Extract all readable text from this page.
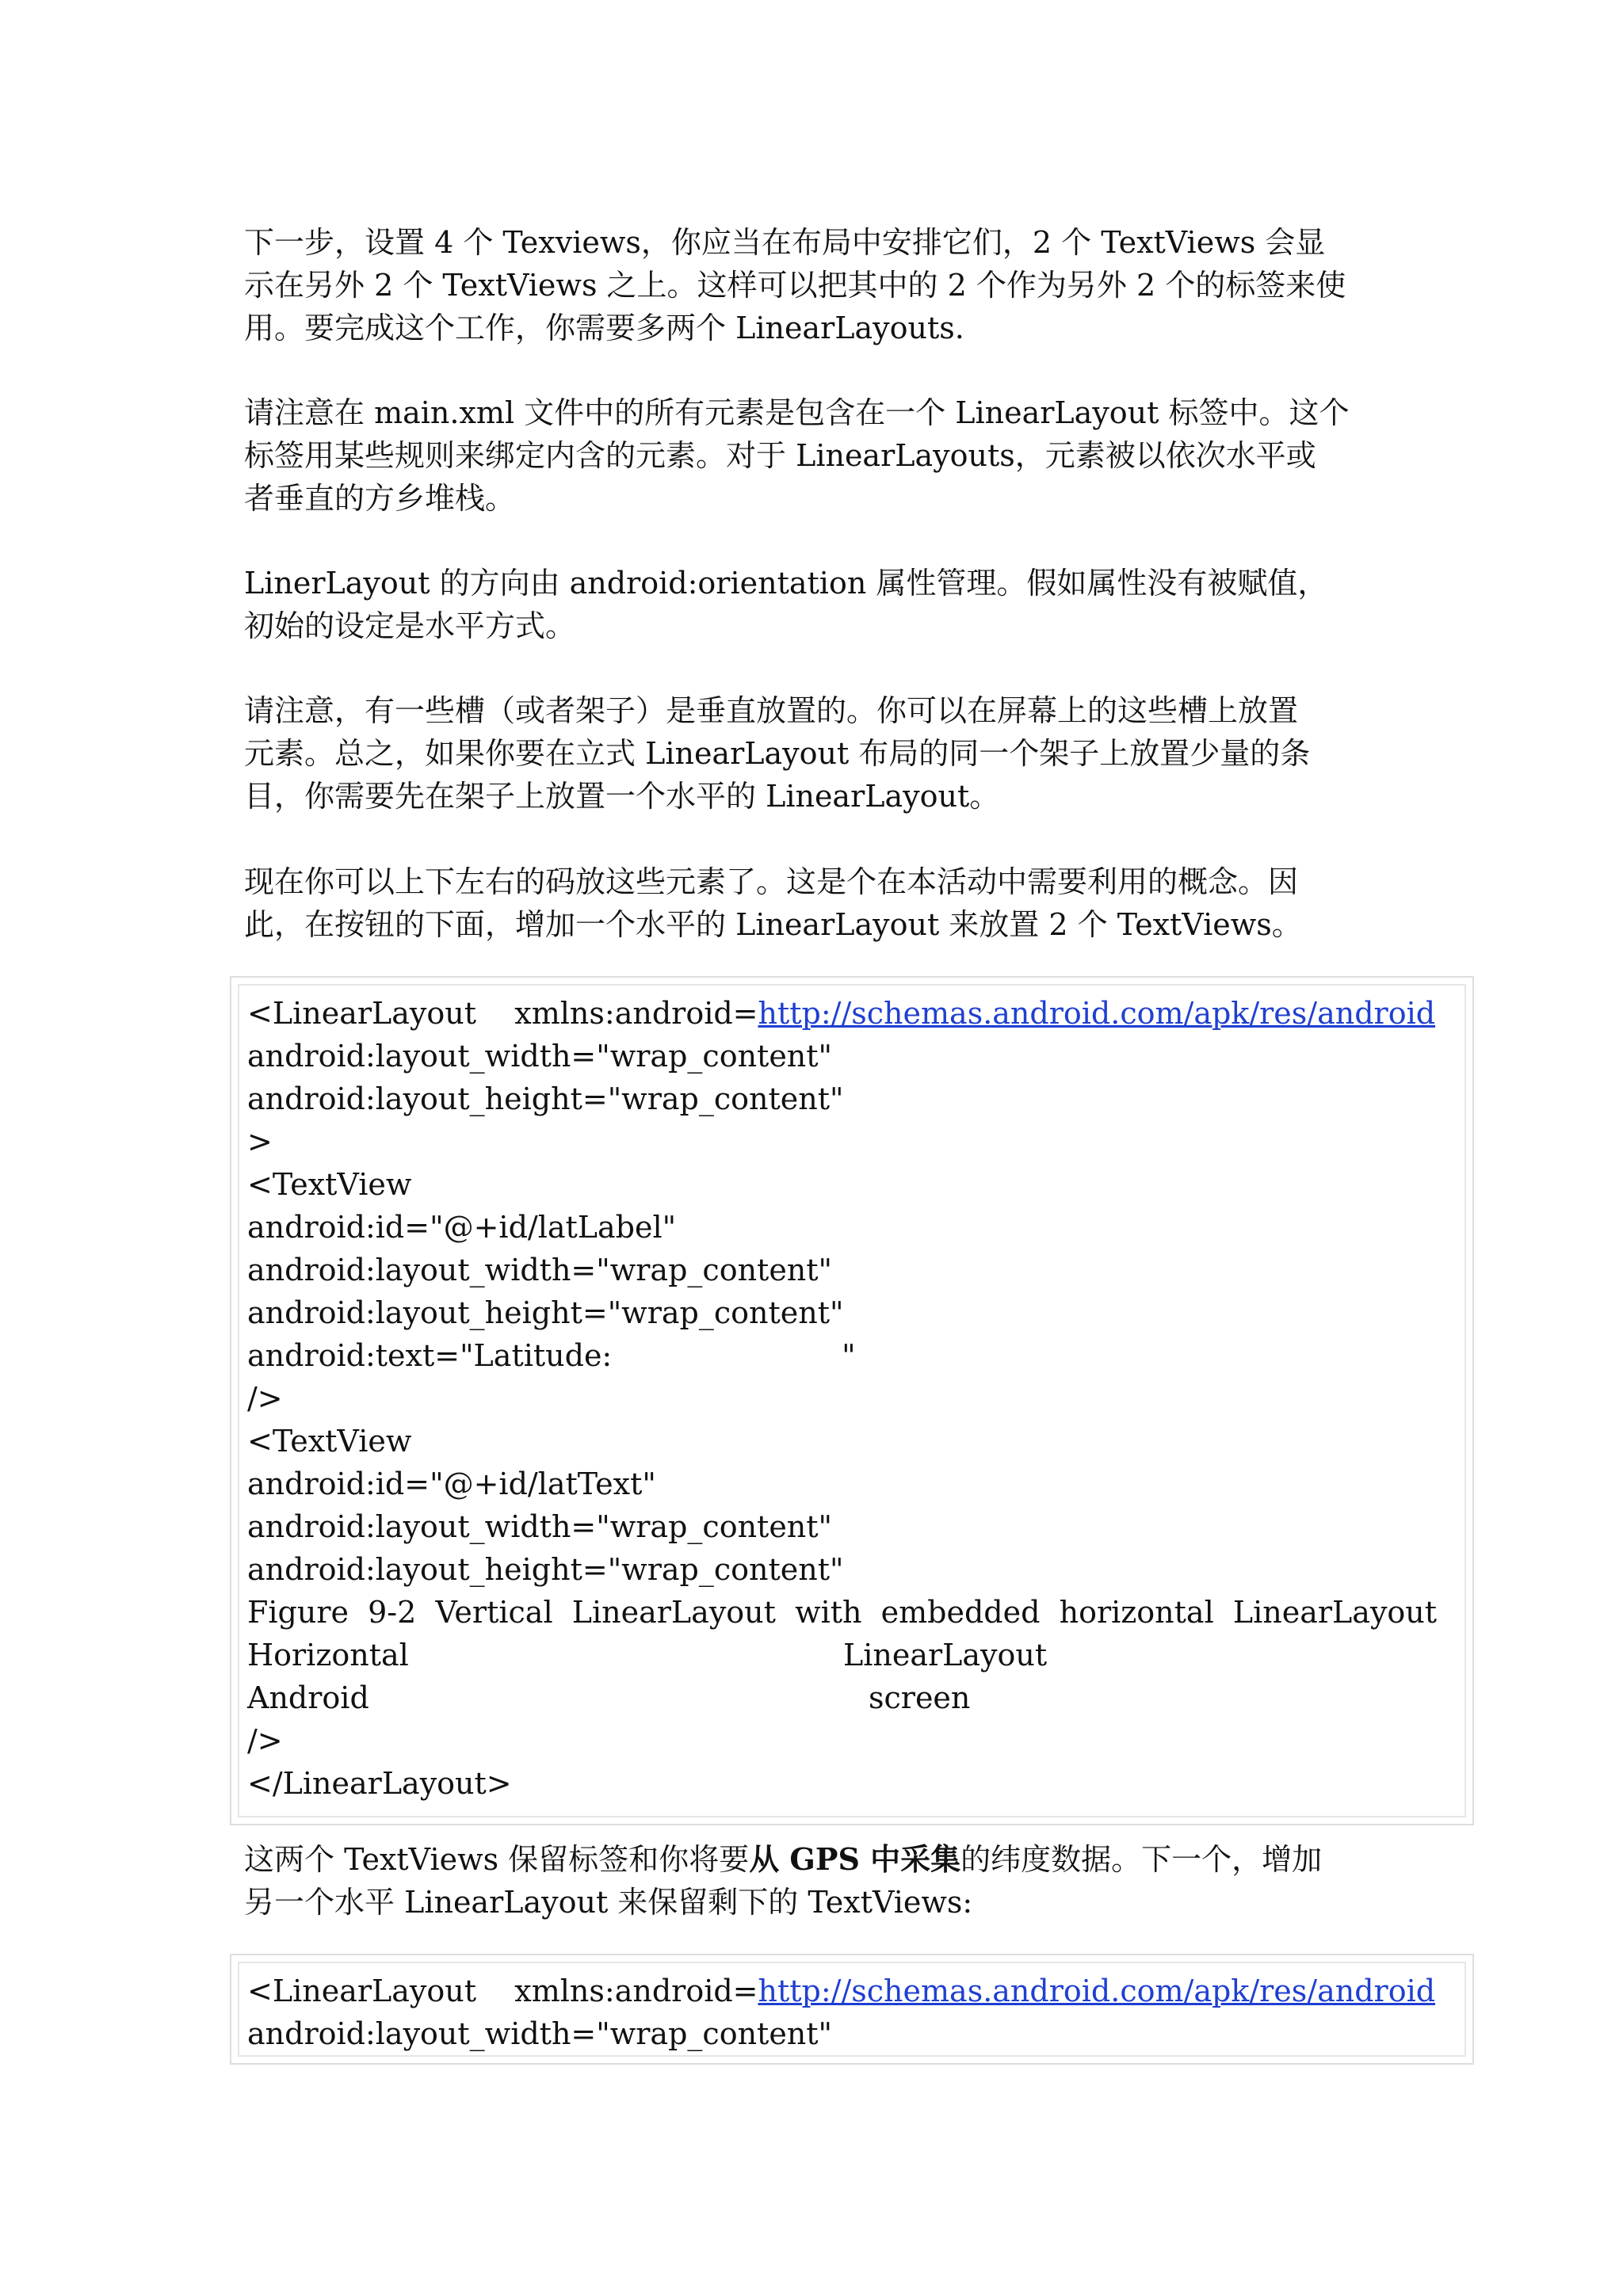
下一步，设置 4 个 Texviews，你应当在布局中安排它们，2 个 TextViews 会显
示在另外 2 个 TextViews 之上。这样可以把其中的 2 个作为另外 2 个的标签来使
用。要完成这个工作，你需要多两个 LinearLayouts.

请注意在 main.xml 文件中的所有元素是包含在一个 LinearLayout 标签中。这个
标签用某些规则来绑定内含的元素。对于 LinearLayouts，元素被以依次水平或
者垂直的方乡堆栈。

LinerLayout 的方向由 android:orientation 属性管理。假如属性没有被赋值，
初始的设定是水平方式。

请注意，有一些槽（或者架子）是垂直放置的。你可以在屏幕上的这些槽上放置
元素。总之，如果你要在立式 LinearLayout 布局的同一个架子上放置少量的条
目，你需要先在架子上放置一个水平的 LinearLayout。

现在你可以上下左右的码放这些元素了。这是个在本活动中需要利用的概念。因
此，在按钮的下面，增加一个水平的 LinearLayout 来放置 2 个 TextViews。

<LinearLayout    xmlns:android=http://schemas.android.com/apk/res/android
android:layout_width="wrap_content"
android:layout_height="wrap_content"
>
<TextView
android:id="@+id/latLabel"
android:layout_width="wrap_content"
android:layout_height="wrap_content"
android:text="Latitude:                        "
/>
<TextView
android:id="@+id/latText"
android:layout_width="wrap_content"
android:layout_height="wrap_content"
Figure  9-2  Vertical  LinearLayout  with  embedded  horizontal  LinearLayout

Horizontal

	LinearLayout

Android

	screen

/>
</LinearLayout>

这两个 TextViews 保留标签和你将要从 GPS 中采集的纬度数据。下一个，增加
另一个水平 LinearLayout 来保留剩下的 TextViews:

<LinearLayout    xmlns:android=http://schemas.android.com/apk/res/android
android:layout_width="wrap_content"
